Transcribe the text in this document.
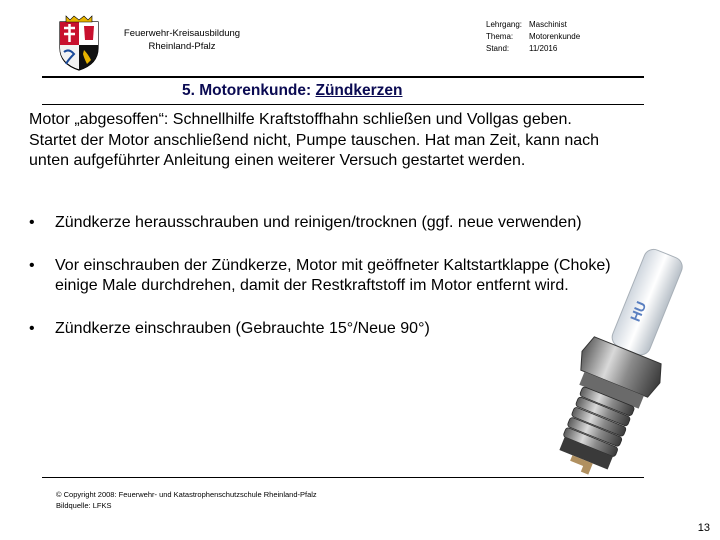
Feuerwehr-Kreisausbildung
Rheinland-Pfalz
Lehrgang: Maschinist
Thema:	Motorenkunde
Stand:	11/2016
5. Motorenkunde: Zündkerzen
Motor „abgesoffen“: Schnellhilfe Kraftstoffhahn schließen und Vollgas geben. Startet der Motor anschließend nicht, Pumpe tauschen. Hat man Zeit, kann nach unten aufgeführter Anleitung einen weiterer Versuch gestartet werden.
HU
• Zündkerze herausschrauben und reinigen/trocknen (ggf. neue verwenden)
• Vor einschrauben der Zündkerze, Motor mit geöffneter Kaltstartklappe (Choke) einige Male durchdrehen, damit der Restkraftstoff im Motor entfernt wird.
• Zündkerze einschrauben (Gebrauchte 15°/Neue 90°)
© Copyright 2008: Feuerwehr- und Katastrophenschutzschule Rheinland-Pfalz
Bildquelle: LFKS
13
